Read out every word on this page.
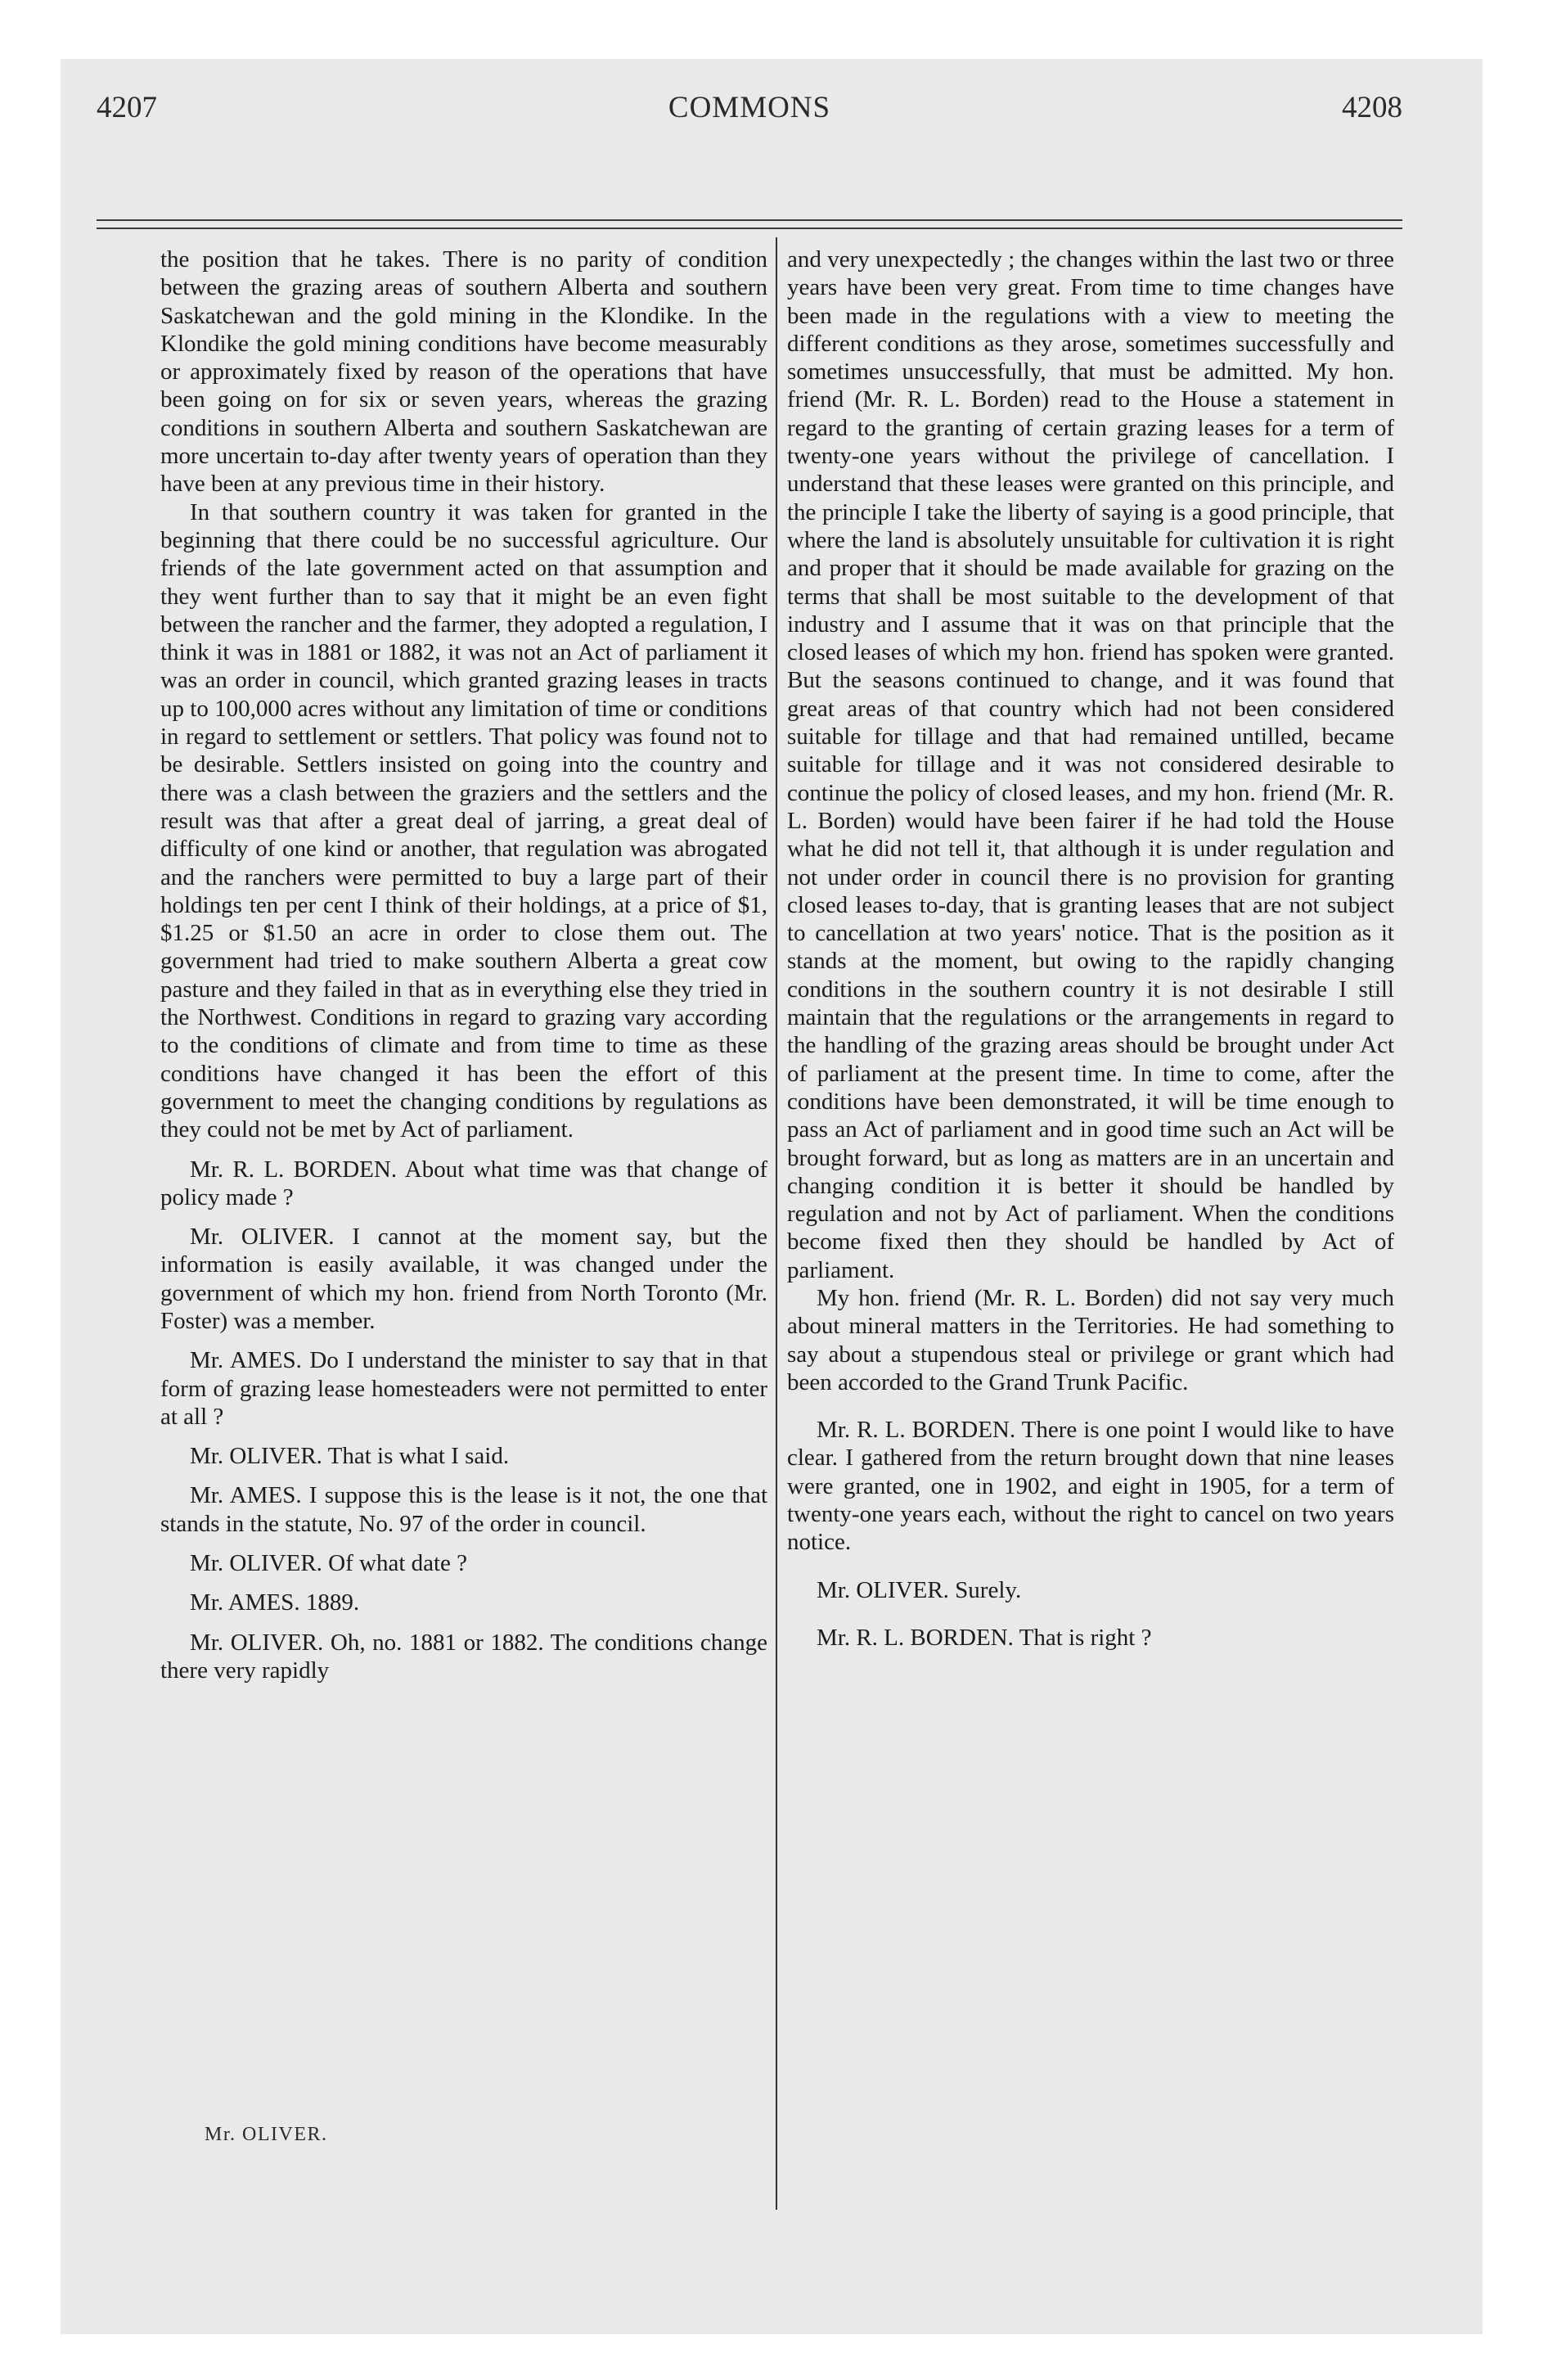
4207	COMMONS	4208

the position that he takes. There is no parity of condition between the grazing areas of southern Alberta and southern Saskatchewan and the gold mining in the Klondike. In the Klondike the gold mining conditions have become measurably or approximately fixed by reason of the operations that have been going on for six or seven years, whereas the grazing conditions in southern Alberta and southern Saskatchewan are more uncertain to-day after twenty years of operation than they have been at any previous time in their history.

In that southern country it was taken for granted in the beginning that there could be no successful agriculture. Our friends of the late government acted on that assumption and they went further than to say that it might be an even fight between the rancher and the farmer, they adopted a regulation, I think it was in 1881 or 1882, it was not an Act of parliament it was an order in council, which granted grazing leases in tracts up to 100,000 acres without any limitation of time or conditions in regard to settlement or settlers. That policy was found not to be desirable. Settlers insisted on going into the country and there was a clash between the graziers and the settlers and the result was that after a great deal of jarring, a great deal of difficulty of one kind or another, that regulation was abrogated and the ranchers were permitted to buy a large part of their holdings ten per cent I think of their holdings, at a price of $1, $1.25 or $1.50 an acre in order to close them out. The government had tried to make southern Alberta a great cow pasture and they failed in that as in everything else they tried in the Northwest. Conditions in regard to grazing vary according to the conditions of climate and from time to time as these conditions have changed it has been the effort of this government to meet the changing conditions by regulations as they could not be met by Act of parliament.

Mr. R. L. BORDEN. About what time was that change of policy made ?

Mr. OLIVER. I cannot at the moment say, but the information is easily available, it was changed under the government of which my hon. friend from North Toronto (Mr. Foster) was a member.

Mr. AMES. Do I understand the minister to say that in that form of grazing lease homesteaders were not permitted to enter at all ?

Mr. OLIVER. That is what I said.

Mr. AMES. I suppose this is the lease is it not, the one that stands in the statute, No. 97 of the order in council.

Mr. OLIVER. Of what date ?

Mr. AMES. 1889.

Mr. OLIVER. Oh, no. 1881 or 1882. The conditions change there very rapidly

and very unexpectedly ; the changes within the last two or three years have been very great. From time to time changes have been made in the regulations with a view to meeting the different conditions as they arose, sometimes successfully and sometimes unsuccessfully, that must be admitted. My hon. friend (Mr. R. L. Borden) read to the House a statement in regard to the granting of certain grazing leases for a term of twenty-one years without the privilege of cancellation. I understand that these leases were granted on this principle, and the principle I take the liberty of saying is a good principle, that where the land is absolutely unsuitable for cultivation it is right and proper that it should be made available for grazing on the terms that shall be most suitable to the development of that industry and I assume that it was on that principle that the closed leases of which my hon. friend has spoken were granted. But the seasons continued to change, and it was found that great areas of that country which had not been considered suitable for tillage and that had remained untilled, became suitable for tillage and it was not considered desirable to continue the policy of closed leases, and my hon. friend (Mr. R. L. Borden) would have been fairer if he had told the House what he did not tell it, that although it is under regulation and not under order in council there is no provision for granting closed leases to-day, that is granting leases that are not subject to cancellation at two years' notice. That is the position as it stands at the moment, but owing to the rapidly changing conditions in the southern country it is not desirable I still maintain that the regulations or the arrangements in regard to the handling of the grazing areas should be brought under Act of parliament at the present time. In time to come, after the conditions have been demonstrated, it will be time enough to pass an Act of parliament and in good time such an Act will be brought forward, but as long as matters are in an uncertain and changing condition it is better it should be handled by regulation and not by Act of parliament. When the conditions become fixed then they should be handled by Act of parliament.

My hon. friend (Mr. R. L. Borden) did not say very much about mineral matters in the Territories. He had something to say about a stupendous steal or privilege or grant which had been accorded to the Grand Trunk Pacific.

Mr. R. L. BORDEN. There is one point I would like to have clear. I gathered from the return brought down that nine leases were granted, one in 1902, and eight in 1905, for a term of twenty-one years each, without the right to cancel on two years notice.

Mr. OLIVER. Surely.

Mr. R. L. BORDEN. That is right ?

Mr. OLIVER.
